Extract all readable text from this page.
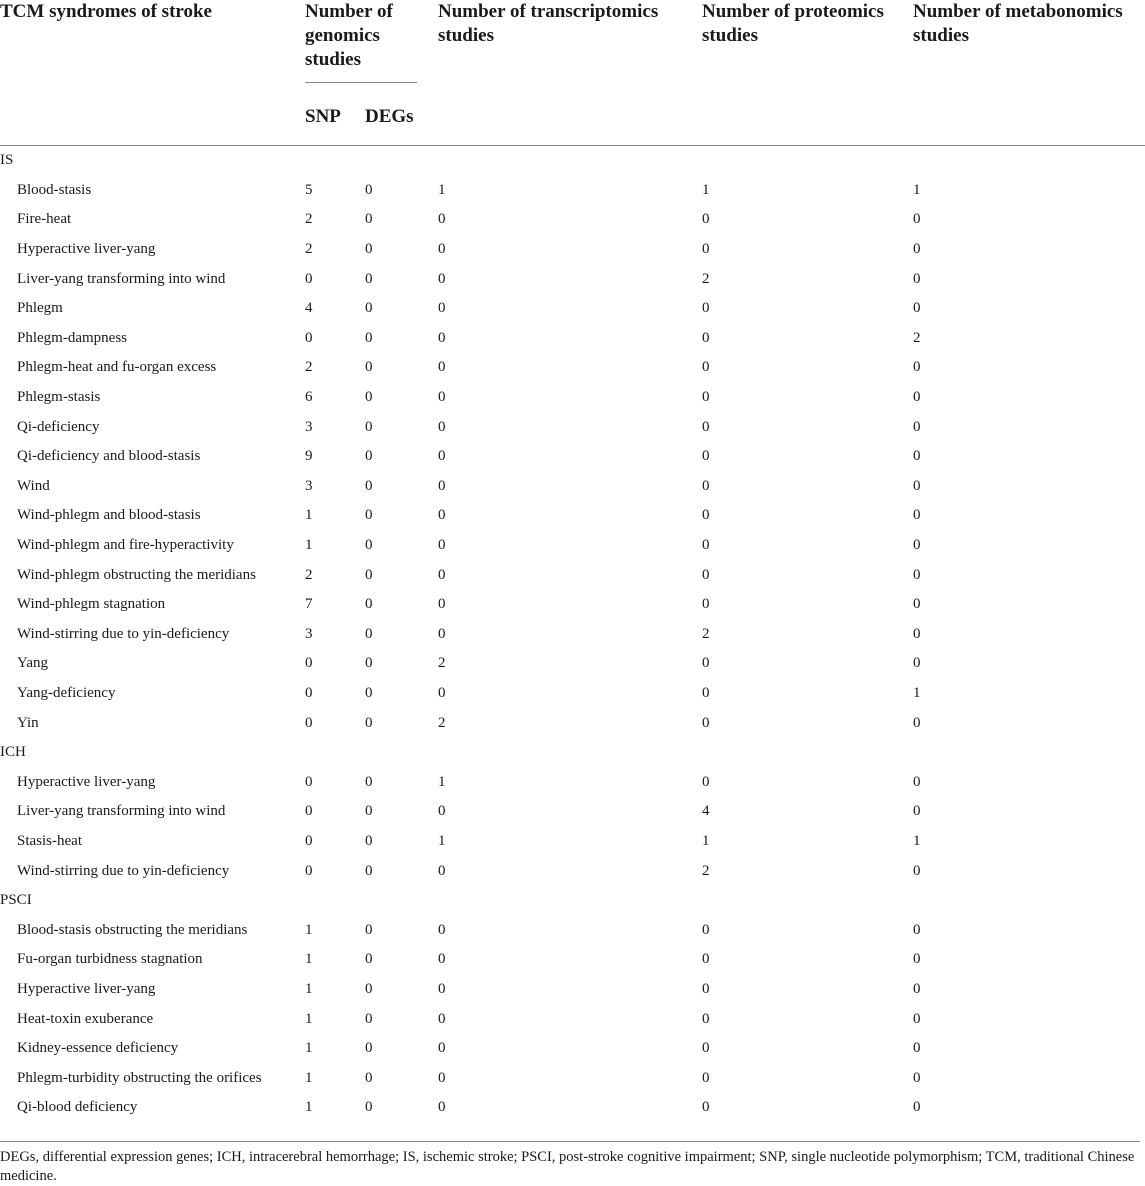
TCM syndromes of stroke	Number of genomics studies		Number of transcriptomics studies	Number of proteomics studies	Number of metabonomics studies
	SNP	DEGs			
IS					
Blood-stasis	5	0	1	1	1
Fire-heat	2	0	0	0	0
Hyperactive liver-yang	2	0	0	0	0
Liver-yang transforming into wind	0	0	0	2	0
Phlegm	4	0	0	0	0
Phlegm-dampness	0	0	0	0	2
Phlegm-heat and fu-organ excess	2	0	0	0	0
Phlegm-stasis	6	0	0	0	0
Qi-deficiency	3	0	0	0	0
Qi-deficiency and blood-stasis	9	0	0	0	0
Wind	3	0	0	0	0
Wind-phlegm and blood-stasis	1	0	0	0	0
Wind-phlegm and fire-hyperactivity	1	0	0	0	0
Wind-phlegm obstructing the meridians	2	0	0	0	0
Wind-phlegm stagnation	7	0	0	0	0
Wind-stirring due to yin-deficiency	3	0	0	2	0
Yang	0	0	2	0	0
Yang-deficiency	0	0	0	0	1
Yin	0	0	2	0	0
ICH					
Hyperactive liver-yang	0	0	1	0	0
Liver-yang transforming into wind	0	0	0	4	0
Stasis-heat	0	0	1	1	1
Wind-stirring due to yin-deficiency	0	0	0	2	0
PSCI					
Blood-stasis obstructing the meridians	1	0	0	0	0
Fu-organ turbidness stagnation	1	0	0	0	0
Hyperactive liver-yang	1	0	0	0	0
Heat-toxin exuberance	1	0	0	0	0
Kidney-essence deficiency	1	0	0	0	0
Phlegm-turbidity obstructing the orifices	1	0	0	0	0
Qi-blood deficiency	1	0	0	0	0
DEGs, differential expression genes; ICH, intracerebral hemorrhage; IS, ischemic stroke; PSCI, post-stroke cognitive impairment; SNP, single nucleotide polymorphism; TCM, traditional Chinese medicine.
